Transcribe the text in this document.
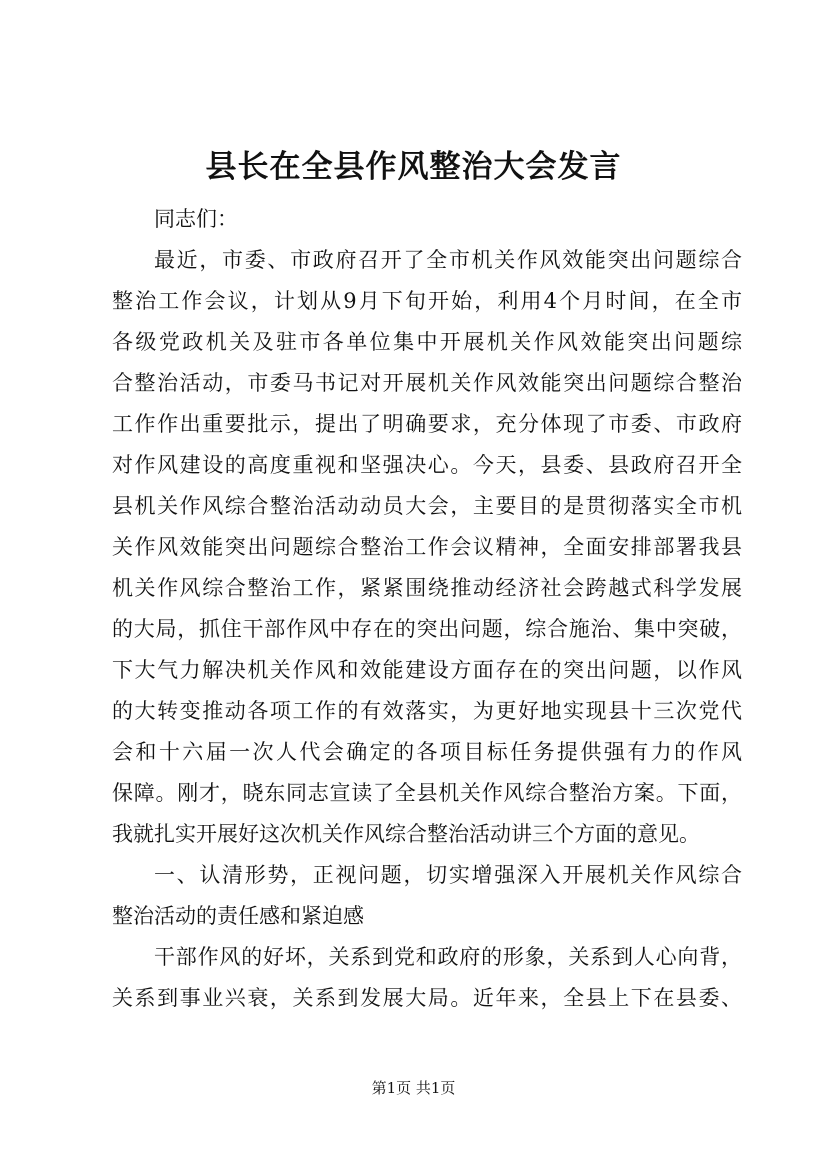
县长在全县作风整治大会发言
同志们：
最近，市委、市政府召开了全市机关作风效能突出问题综合
整治工作会议，计划从9月下旬开始，利用4个月时间，在全市
各级党政机关及驻市各单位集中开展机关作风效能突出问题综
合整治活动，市委马书记对开展机关作风效能突出问题综合整治
工作作出重要批示，提出了明确要求，充分体现了市委、市政府
对作风建设的高度重视和坚强决心。今天，县委、县政府召开全
县机关作风综合整治活动动员大会，主要目的是贯彻落实全市机
关作风效能突出问题综合整治工作会议精神，全面安排部署我县
机关作风综合整治工作，紧紧围绕推动经济社会跨越式科学发展
的大局，抓住干部作风中存在的突出问题，综合施治、集中突破，
下大气力解决机关作风和效能建设方面存在的突出问题，以作风
的大转变推动各项工作的有效落实，为更好地实现县十三次党代
会和十六届一次人代会确定的各项目标任务提供强有力的作风
保障。刚才，晓东同志宣读了全县机关作风综合整治方案。下面，
我就扎实开展好这次机关作风综合整治活动讲三个方面的意见。
一、认清形势，正视问题，切实增强深入开展机关作风综合
整治活动的责任感和紧迫感
干部作风的好坏，关系到党和政府的形象，关系到人心向背，
关系到事业兴衰，关系到发展大局。近年来，全县上下在县委、
第1页 共1页
